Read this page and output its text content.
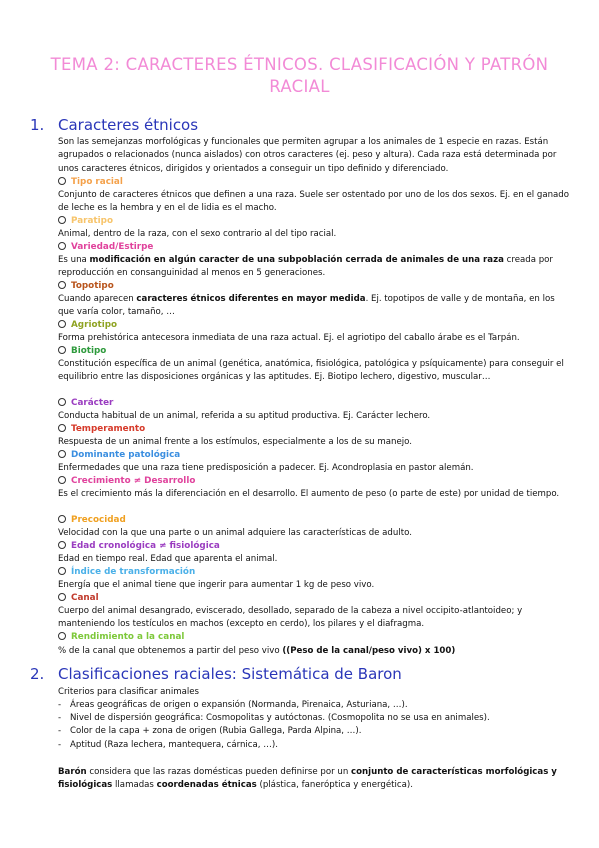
TEMA 2: CARACTERES ÉTNICOS. CLASIFICACIÓN Y PATRÓN RACIAL
1. Caracteres étnicos
Son las semejanzas morfológicas y funcionales que permiten agrupar a los animales de 1 especie en razas. Están agrupados o relacionados (nunca aislados) con otros caracteres (ej. peso y altura). Cada raza está determinada por unos caracteres étnicos, dirigidos y orientados a conseguir un tipo definido y diferenciado.
Tipo racial
Conjunto de caracteres étnicos que definen a una raza. Suele ser ostentado por uno de los dos sexos. Ej. en el ganado de leche es la hembra y en el de lidia es el macho.
Paratipo
Animal, dentro de la raza, con el sexo contrario al del tipo racial.
Variedad/Estirpe
Es una modificación en algún caracter de una subpoblación cerrada de animales de una raza creada por reproducción en consanguinidad al menos en 5 generaciones.
Topotipo
Cuando aparecen caracteres étnicos diferentes en mayor medida. Ej. topotipos de valle y de montaña, en los que varía color, tamaño, …
Agriotipo
Forma prehistórica antecesora inmediata de una raza actual. Ej. el agriotipo del caballo árabe es el Tarpán.
Biotipo
Constitución específica de un animal (genética, anatómica, fisiológica, patológica y psíquicamente) para conseguir el equilibrio entre las disposiciones orgánicas y las aptitudes. Ej. Biotipo lechero, digestivo, muscular…
Carácter
Conducta habitual de un animal, referida a su aptitud productiva. Ej. Carácter lechero.
Temperamento
Respuesta de un animal frente a los estímulos, especialmente a los de su manejo.
Dominante patológica
Enfermedades que una raza tiene predisposición a padecer. Ej. Acondroplasia en pastor alemán.
Crecimiento ≠ Desarrollo
Es el crecimiento más la diferenciación en el desarrollo. El aumento de peso (o parte de este) por unidad de tiempo.
Precocidad
Velocidad con la que una parte o un animal adquiere las características de adulto.
Edad cronológica ≠ fisiológica
Edad en tiempo real. Edad que aparenta el animal.
Índice de transformación
Energía que el animal tiene que ingerir para aumentar 1 kg de peso vivo.
Canal
Cuerpo del animal desangrado, eviscerado, desollado, separado de la cabeza a nivel occipito-atlantoideo; y manteniendo los testículos en machos (excepto en cerdo), los pilares y el diafragma.
Rendimiento a la canal
% de la canal que obtenemos a partir del peso vivo ((Peso de la canal/peso vivo) x 100)
2. Clasificaciones raciales: Sistemática de Baron
Criterios para clasificar animales
- Áreas geográficas de origen o expansión (Normanda, Pirenaica, Asturiana, …).
- Nivel de dispersión geográfica: Cosmopolitas y autóctonas. (Cosmopolita no se usa en animales).
- Color de la capa + zona de origen (Rubia Gallega, Parda Alpina, …).
- Aptitud (Raza lechera, mantequera, cárnica, …).
Barón considera que las razas domésticas pueden definirse por un conjunto de características morfológicas y fisiológicas llamadas coordenadas étnicas (plástica, faneróptica y energética).
